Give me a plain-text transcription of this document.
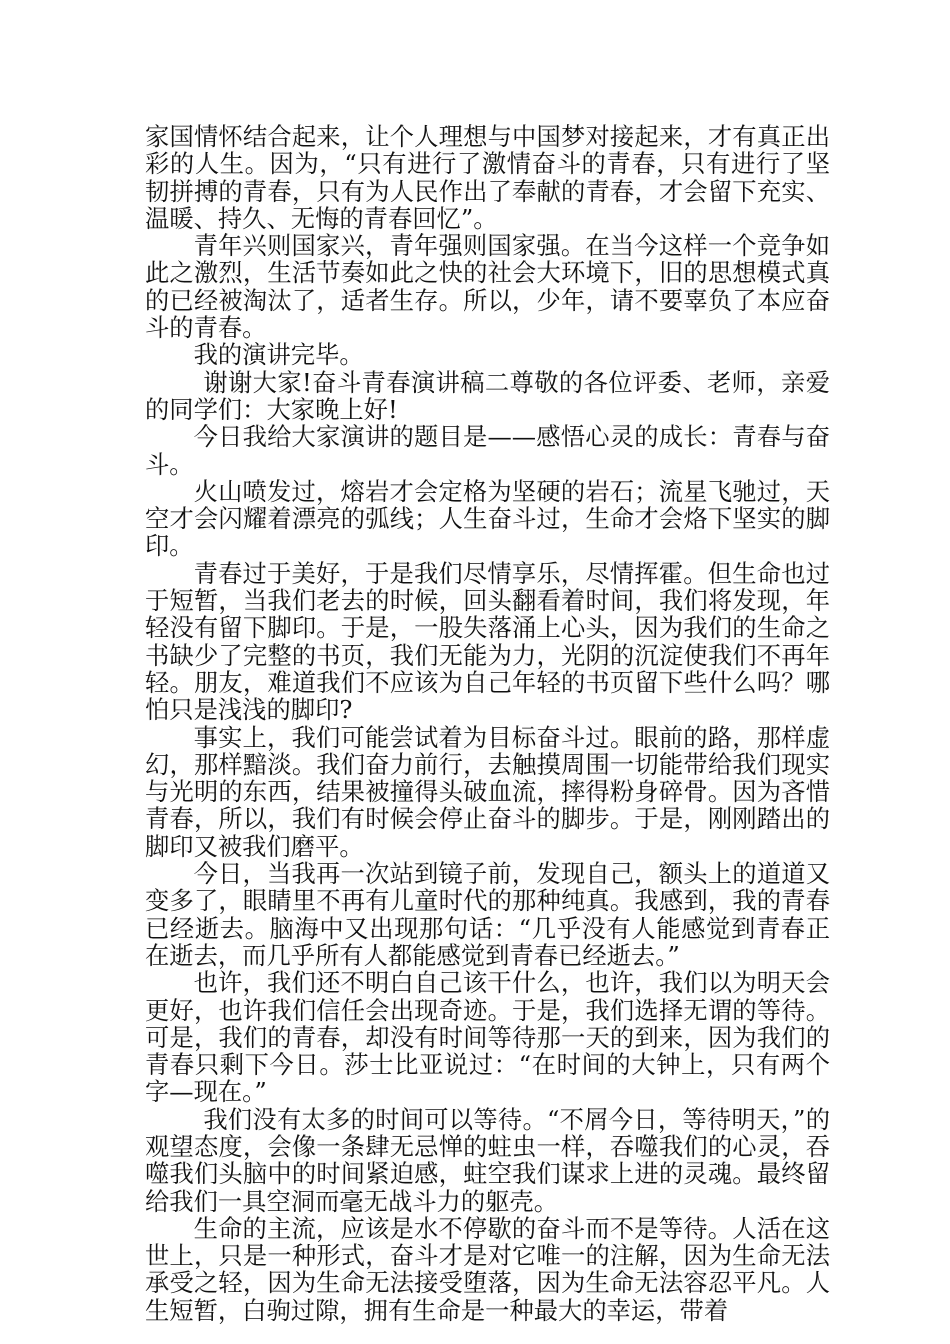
家国情怀结合起来，让个人理想与中国梦对接起来，才有真正出彩的人生。因为，“只有进行了激情奋斗的青春，只有进行了坚韧拼搏的青春，只有为人民作出了奉献的青春，才会留下充实、温暖、持久、无悔的青春回忆”。

青年兴则国家兴，青年强则国家强。在当今这样一个竞争如此之激烈，生活节奏如此之快的社会大环境下，旧的思想模式真的已经被淘汰了，适者生存。所以，少年，请不要辜负了本应奋斗的青春。

我的演讲完毕。

谢谢大家!奋斗青春演讲稿二尊敬的各位评委、老师，亲爱的同学们：大家晚上好!

今日我给大家演讲的题目是——感悟心灵的成长：青春与奋斗。

火山喷发过，熔岩才会定格为坚硬的岩石；流星飞驰过，天空才会闪耀着漂亮的弧线；人生奋斗过，生命才会烙下坚实的脚印。

青春过于美好，于是我们尽情享乐，尽情挥霍。但生命也过于短暂，当我们老去的时候，回头翻看着时间，我们将发现，年轻没有留下脚印。于是，一股失落涌上心头，因为我们的生命之书缺少了完整的书页，我们无能为力，光阴的沉淀使我们不再年轻。朋友，难道我们不应该为自己年轻的书页留下些什么吗？哪怕只是浅浅的脚印?

事实上，我们可能尝试着为目标奋斗过。眼前的路，那样虚幻，那样黯淡。我们奋力前行，去触摸周围一切能带给我们现实与光明的东西，结果被撞得头破血流，摔得粉身碎骨。因为吝惜青春，所以，我们有时候会停止奋斗的脚步。于是，刚刚踏出的脚印又被我们磨平。

今日，当我再一次站到镜子前，发现自己，额头上的道道又变多了，眼睛里不再有儿童时代的那种纯真。我感到，我的青春已经逝去。脑海中又出现那句话：“几乎没有人能感觉到青春正在逝去，而几乎所有人都能感觉到青春已经逝去。”

也许，我们还不明白自己该干什么，也许，我们以为明天会更好，也许我们信任会出现奇迹。于是，我们选择无谓的等待。可是，我们的青春，却没有时间等待那一天的到来，因为我们的青春只剩下今日。莎士比亚说过：“在时间的大钟上，只有两个字—现在。”

我们没有太多的时间可以等待。“不屑今日，等待明天，”的观望态度，会像一条肆无忌惮的蛀虫一样，吞噬我们的心灵，吞噬我们头脑中的时间紧迫感，蛀空我们谋求上进的灵魂。最终留给我们一具空洞而毫无战斗力的躯壳。

生命的主流，应该是水不停歇的奋斗而不是等待。人活在这世上，只是一种形式，奋斗才是对它唯一的注解，因为生命无法承受之轻，因为生命无法接受堕落，因为生命无法容忍平凡。人生短暂，白驹过隙，拥有生命是一种最大的幸运，带着
